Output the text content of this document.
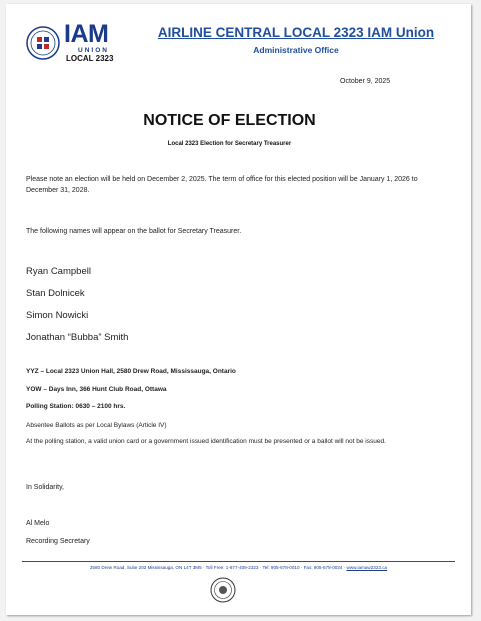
IAM
UNION
LOCAL 2323
AIRLINE CENTRAL LOCAL 2323 IAM Union
Administrative Office
October 9, 2025
NOTICE OF ELECTION
Local 2323 Election for Secretary Treasurer
Please note an election will be held on December 2, 2025. The term of office for this elected position will be January 1, 2026 to December 31, 2028.
The following names will appear on the ballot for Secretary Treasurer.
Ryan Campbell
Stan Dolnicek
Simon Nowicki
Jonathan “Bubba” Smith
YYZ – Local 2323 Union Hall, 2580 Drew Road, Mississauga, Ontario
YOW – Days Inn, 366 Hunt Club Road, Ottawa
Polling Station: 0630 – 2100 hrs.
Absentee Ballots as per Local Bylaws (Article IV)
At the polling station, a valid union card or a government issued identification must be presented or a ballot will not be issued.
In Solidarity,
Al Melo
Recording Secretary
2580 Drew Road, Suite 202 Mississauga, ON L4T 3M5 · Toll Free: 1-877-409-2323 · Tel: 905-678-0010 · Fax: 905-678-0034 · www.iamaw2323.ca
